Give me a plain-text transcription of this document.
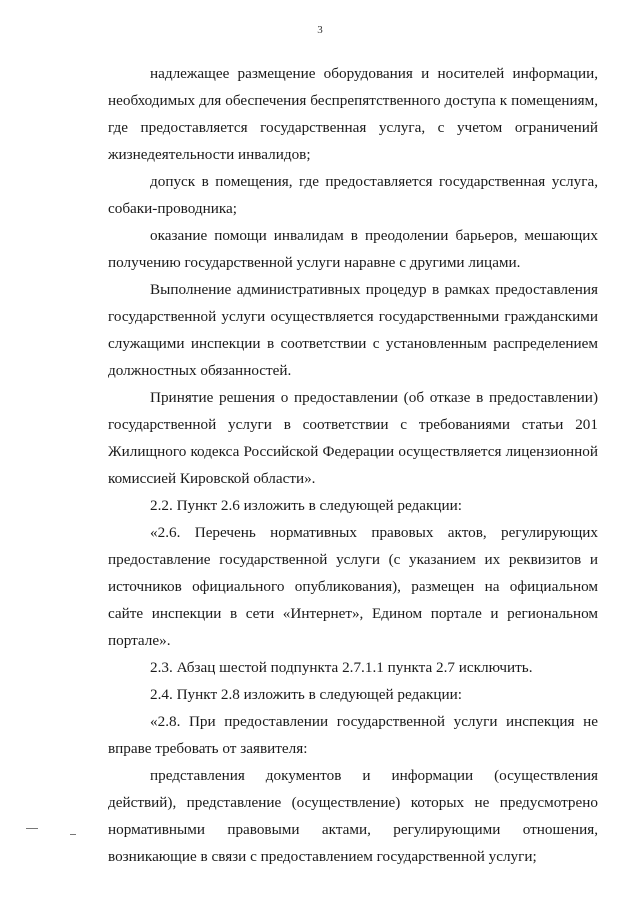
3

надлежащее размещение оборудования и носителей информации, необходимых для обеспечения беспрепятственного доступа к помещениям, где предоставляется государственная услуга, с учетом ограничений жизнедеятельности инвалидов;

допуск в помещения, где предоставляется государственная услуга, собаки-проводника;

оказание помощи инвалидам в преодолении барьеров, мешающих получению государственной услуги наравне с другими лицами.

Выполнение административных процедур в рамках предоставления государственной услуги осуществляется государственными гражданскими служащими инспекции в соответствии с установленным распределением должностных обязанностей.

Принятие решения о предоставлении (об отказе в предоставлении) государственной услуги в соответствии с требованиями статьи 201 Жилищного кодекса Российской Федерации осуществляется лицензионной комиссией Кировской области».

2.2. Пункт 2.6 изложить в следующей редакции:

«2.6. Перечень нормативных правовых актов, регулирующих предоставление государственной услуги (с указанием их реквизитов и источников официального опубликования), размещен на официальном сайте инспекции в сети «Интернет», Едином портале и региональном портале».

2.3. Абзац шестой подпункта 2.7.1.1 пункта 2.7 исключить.

2.4. Пункт 2.8 изложить в следующей редакции:

«2.8. При предоставлении государственной услуги инспекция не вправе требовать от заявителя:

представления документов и информации (осуществления действий), представление (осуществление) которых не предусмотрено нормативными правовыми актами, регулирующими отношения, возникающие в связи с предоставлением государственной услуги;
